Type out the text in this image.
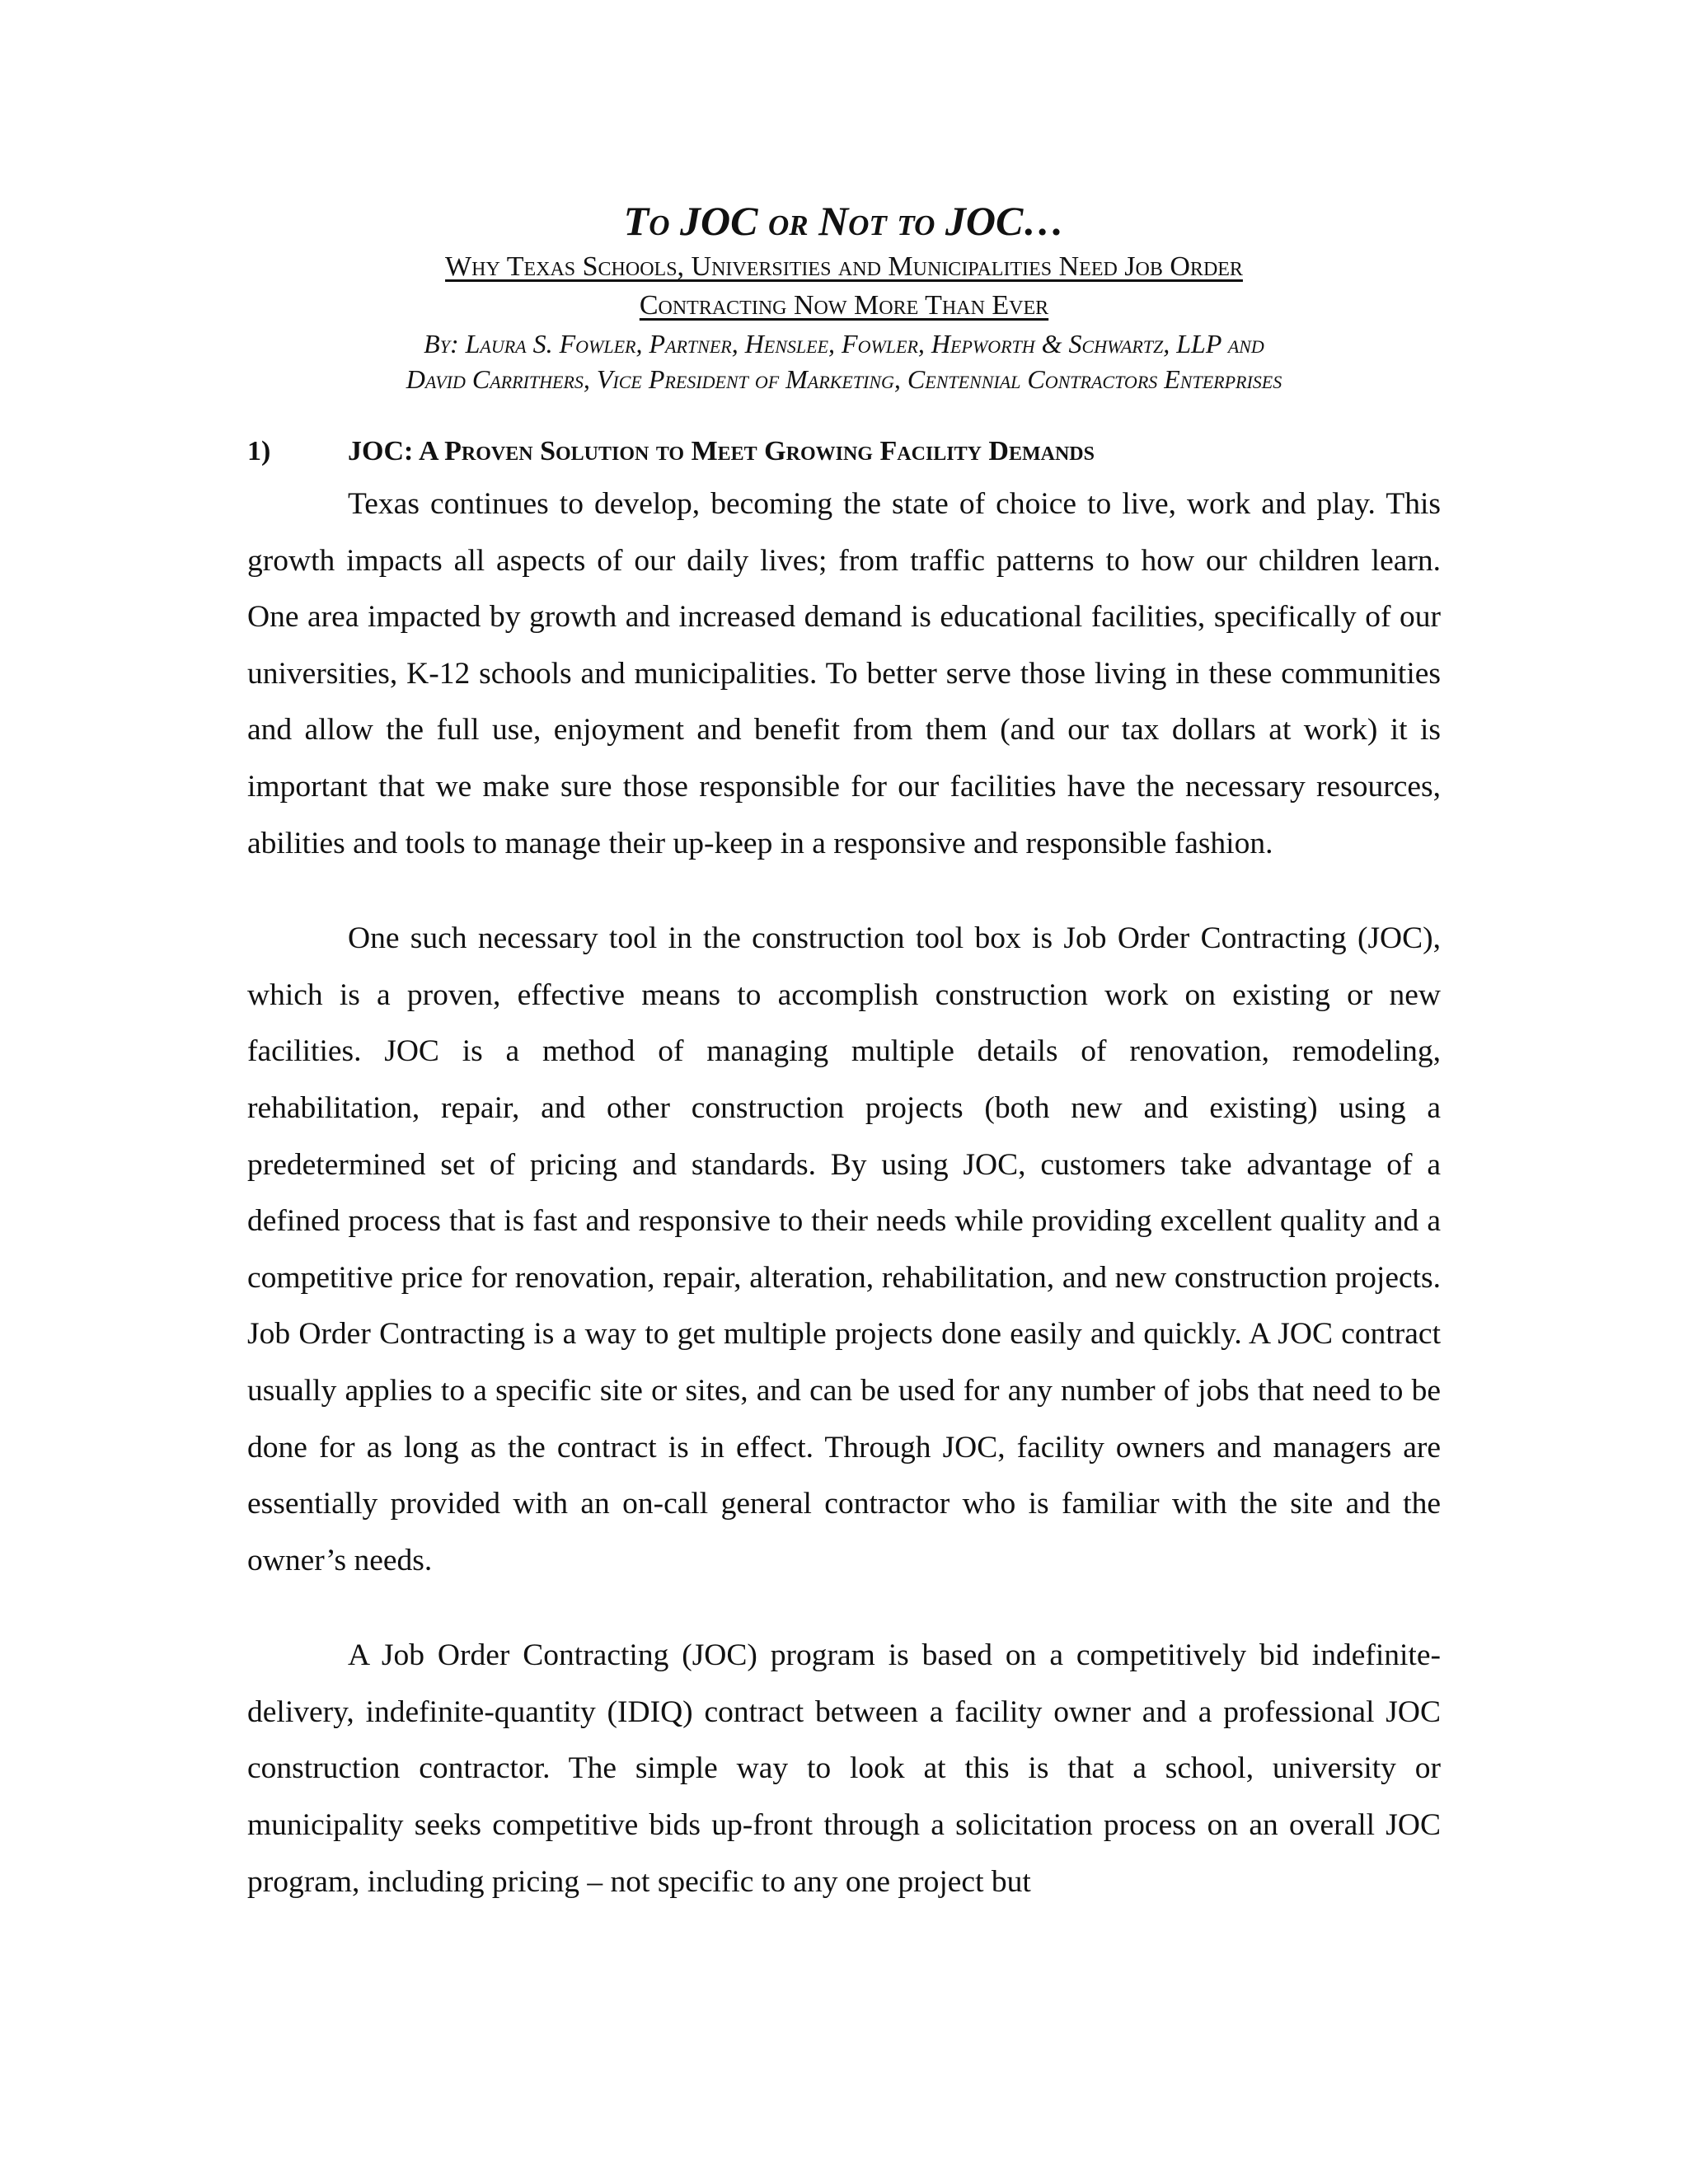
To JOC or Not to JOC…

Why Texas Schools, Universities and Municipalities Need Job Order

Contracting Now More Than Ever

By: Laura S. Fowler, Partner, Henslee, Fowler, Hepworth & Schwartz, LLP and

David Carrithers, Vice President of Marketing, Centennial Contractors Enterprises

1)	JOC: A Proven Solution to Meet Growing Facility Demands

Texas continues to develop, becoming the state of choice to live, work and play. This growth impacts all aspects of our daily lives; from traffic patterns to how our children learn. One area impacted by growth and increased demand is educational facilities, specifically of our universities, K-12 schools and municipalities. To better serve those living in these communities and allow the full use, enjoyment and benefit from them (and our tax dollars at work) it is important that we make sure those responsible for our facilities have the necessary resources, abilities and tools to manage their up-keep in a responsive and responsible fashion.

One such necessary tool in the construction tool box is Job Order Contracting (JOC), which is a proven, effective means to accomplish construction work on existing or new facilities. JOC is a method of managing multiple details of renovation, remodeling, rehabilitation, repair, and other construction projects (both new and existing) using a predetermined set of pricing and standards. By using JOC, customers take advantage of a defined process that is fast and responsive to their needs while providing excellent quality and a competitive price for renovation, repair, alteration, rehabilitation, and new construction projects. Job Order Contracting is a way to get multiple projects done easily and quickly. A JOC contract usually applies to a specific site or sites, and can be used for any number of jobs that need to be done for as long as the contract is in effect. Through JOC, facility owners and managers are essentially provided with an on-call general contractor who is familiar with the site and the owner’s needs.

A Job Order Contracting (JOC) program is based on a competitively bid indefinite-delivery, indefinite-quantity (IDIQ) contract between a facility owner and a professional JOC construction contractor. The simple way to look at this is that a school, university or municipality seeks competitive bids up-front through a solicitation process on an overall JOC program, including pricing – not specific to any one project but
